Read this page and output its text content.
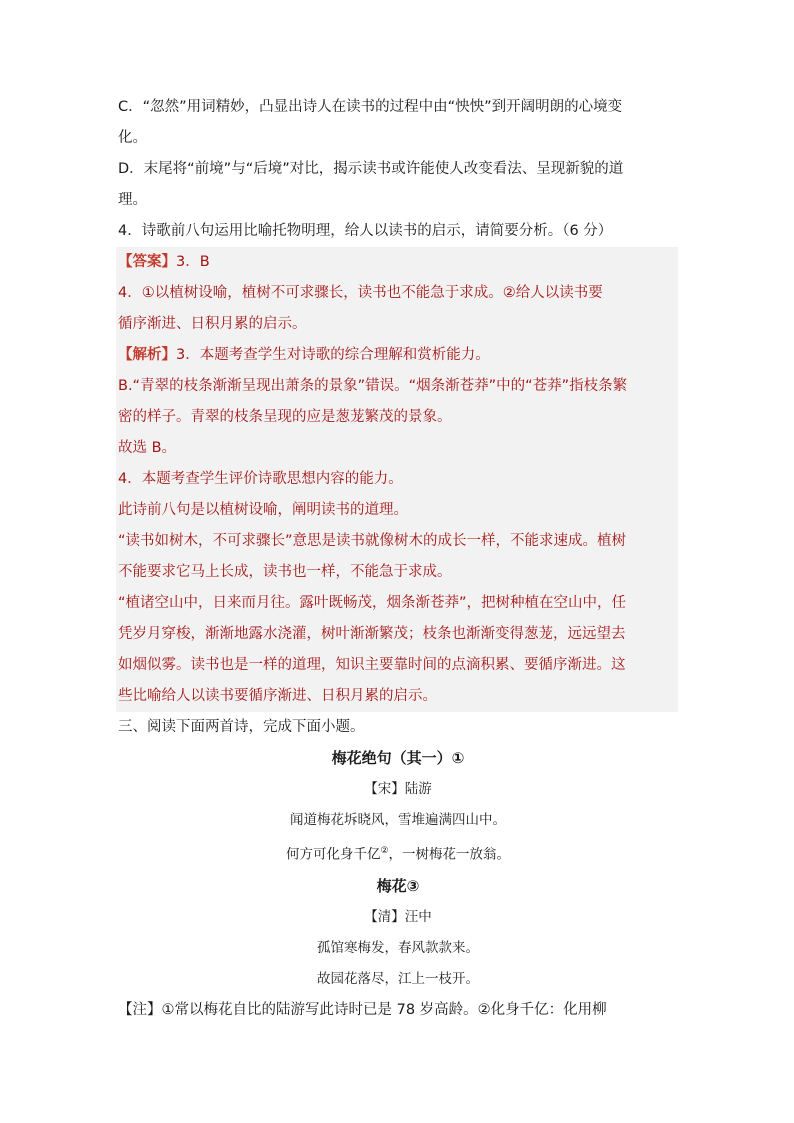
C．“忽然”用词精妙，凸显出诗人在读书的过程中由“怏怏”到开阔明朗的心境变

化。

D．末尾将“前境”与“后境”对比，揭示读书或许能使人改变看法、呈现新貌的道

理。

4．诗歌前八句运用比喻托物明理，给人以读书的启示，请简要分析。（6 分）

【答案】3．B

4．①以植树设喻，植树不可求骤长，读书也不能急于求成。②给人以读书要

循序渐进、日积月累的启示。

【解析】3．本题考查学生对诗歌的综合理解和赏析能力。

B.“青翠的枝条渐渐呈现出萧条的景象”错误。“烟条渐苍莽”中的“苍莽”指枝条繁

密的样子。青翠的枝条呈现的应是葱茏繁茂的景象。

故选 B。

4．本题考查学生评价诗歌思想内容的能力。

此诗前八句是以植树设喻，阐明读书的道理。

“读书如树木，不可求骤长”意思是读书就像树木的成长一样，不能求速成。植树

不能要求它马上长成，读书也一样，不能急于求成。

“植诸空山中，日来而月往。露叶既畅茂，烟条渐苍莽”，把树种植在空山中，任

凭岁月穿梭，渐渐地露水浇灌，树叶渐渐繁茂；枝条也渐渐变得葱茏，远远望去

如烟似雾。读书也是一样的道理，知识主要靠时间的点滴积累、要循序渐进。这

些比喻给人以读书要循序渐进、日积月累的启示。

三、阅读下面两首诗，完成下面小题。

梅花绝句（其一）①

【宋】陆游

闻道梅花坼晓风，雪堆遍满四山中。

何方可化身千亿②，一树梅花一放翁。

梅花③

【清】汪中

孤馆寒梅发，春风款款来。

故园花落尽，江上一枝开。

【注】①常以梅花自比的陆游写此诗时已是 78 岁高龄。②化身千亿：化用柳
